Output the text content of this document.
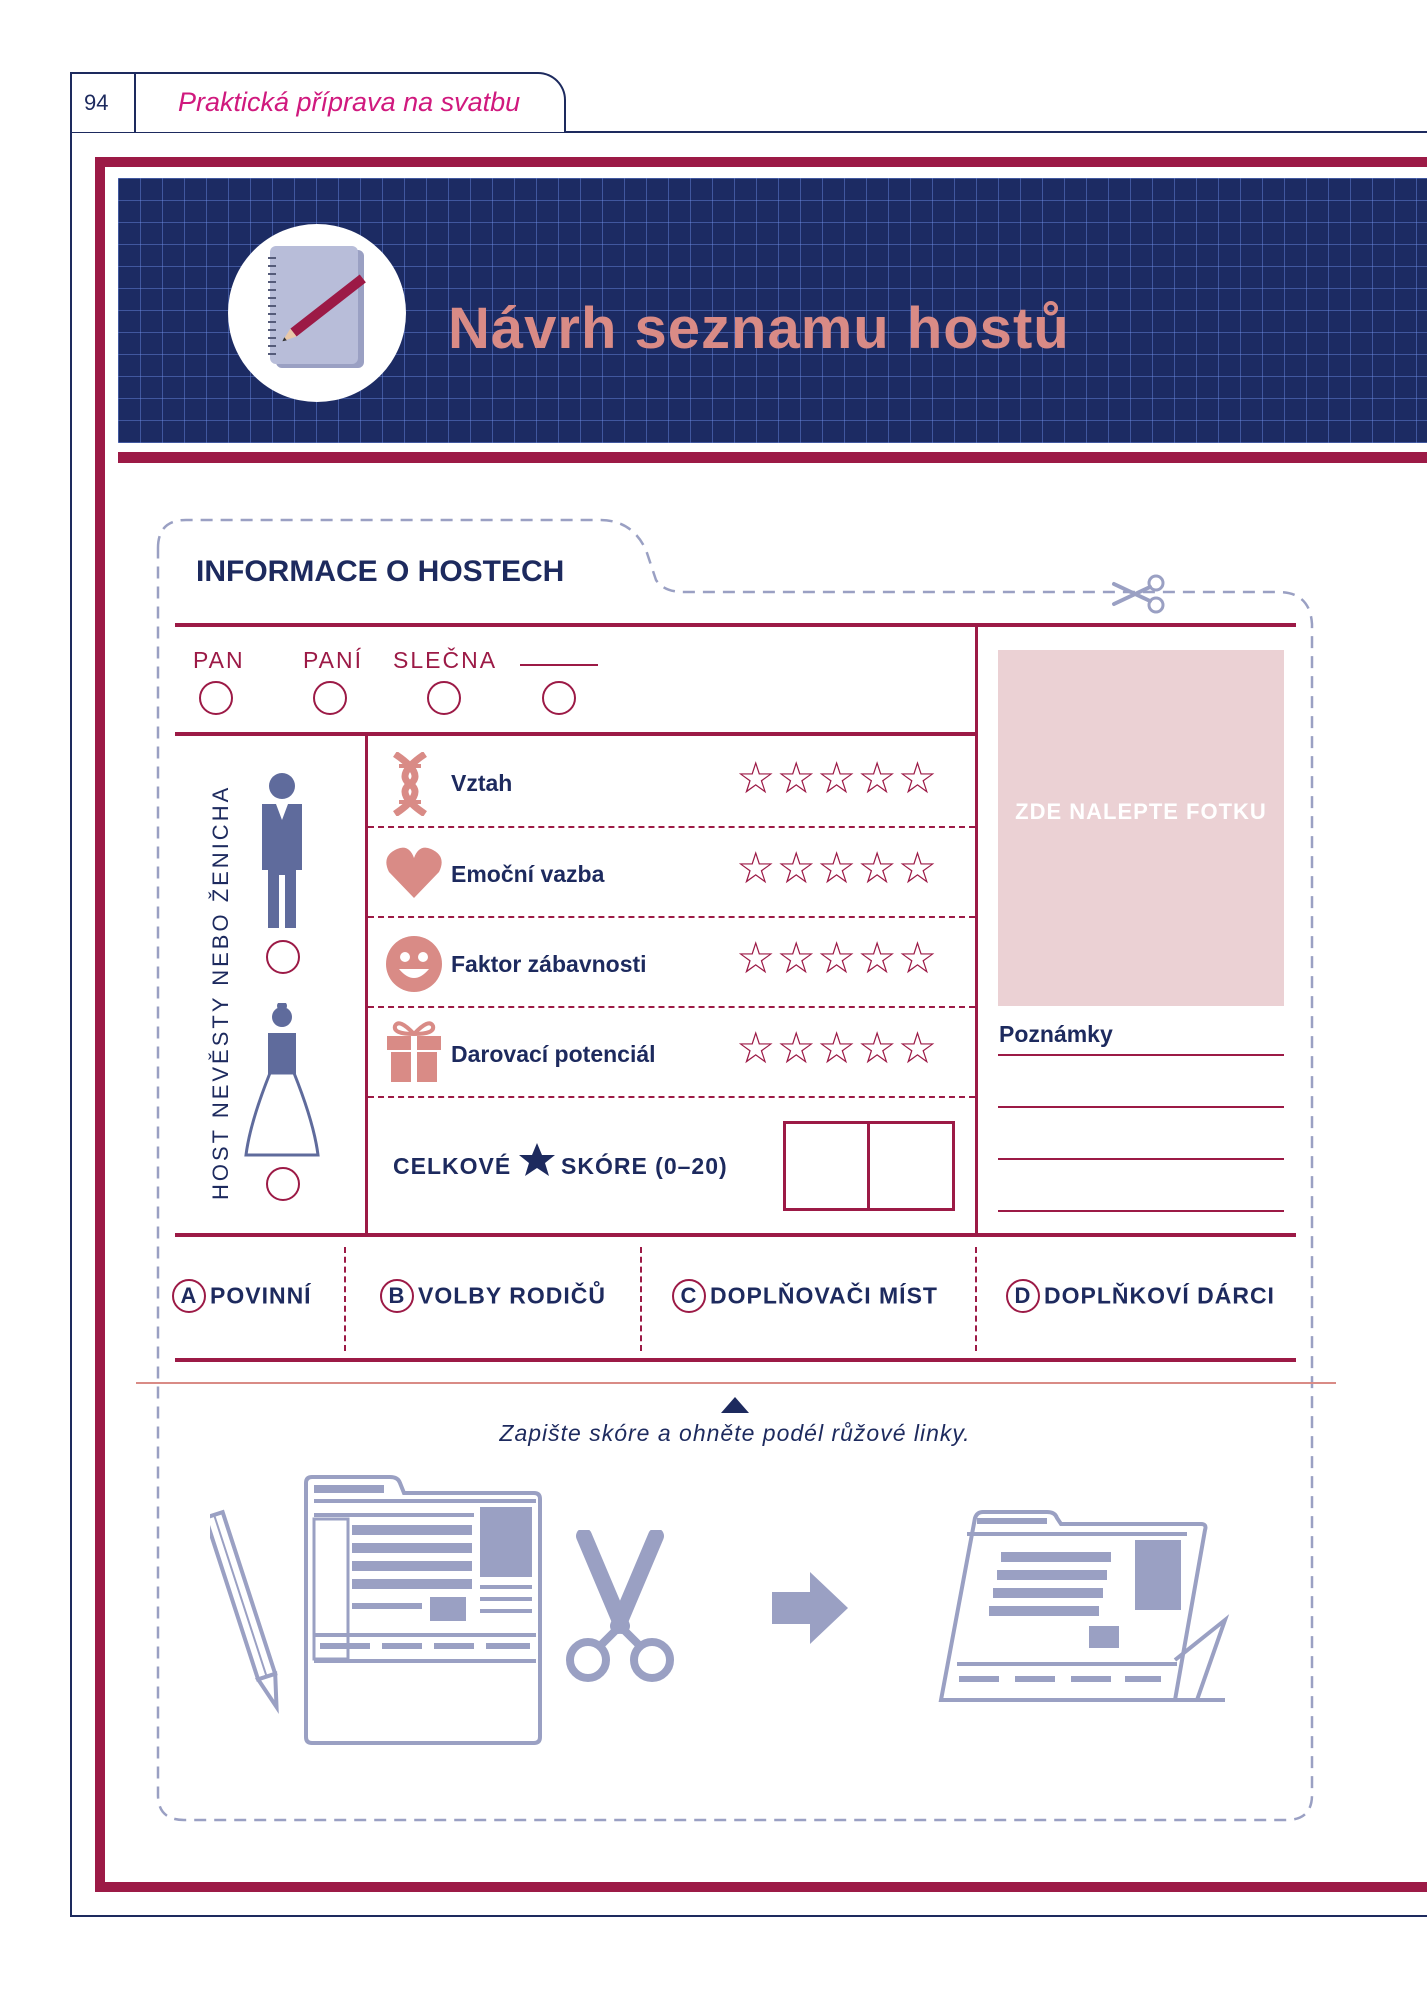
94	Praktická příprava na svatbu
Návrh seznamu hostů
INFORMACE O HOSTECH
PAN	PANÍ SLEČNA
HOST NEVĚSTY NEBO ŽENICHA
Vztah	☆☆☆☆☆
Emoční vazba	☆☆☆☆☆
Faktor zábavnosti ☆☆☆☆☆
Darovací potenciál ☆☆☆☆☆
CELKOVÉ SKÓRE (0–20)
ZDE NALEPTE FOTKU
Poznámky
A POVINNÍ	B VOLBY RODIČŮ	C DOPLŇOVAČI MÍST	D DOPLŇKOVÍ DÁRCI
Zapište skóre a ohněte podél růžové linky.
